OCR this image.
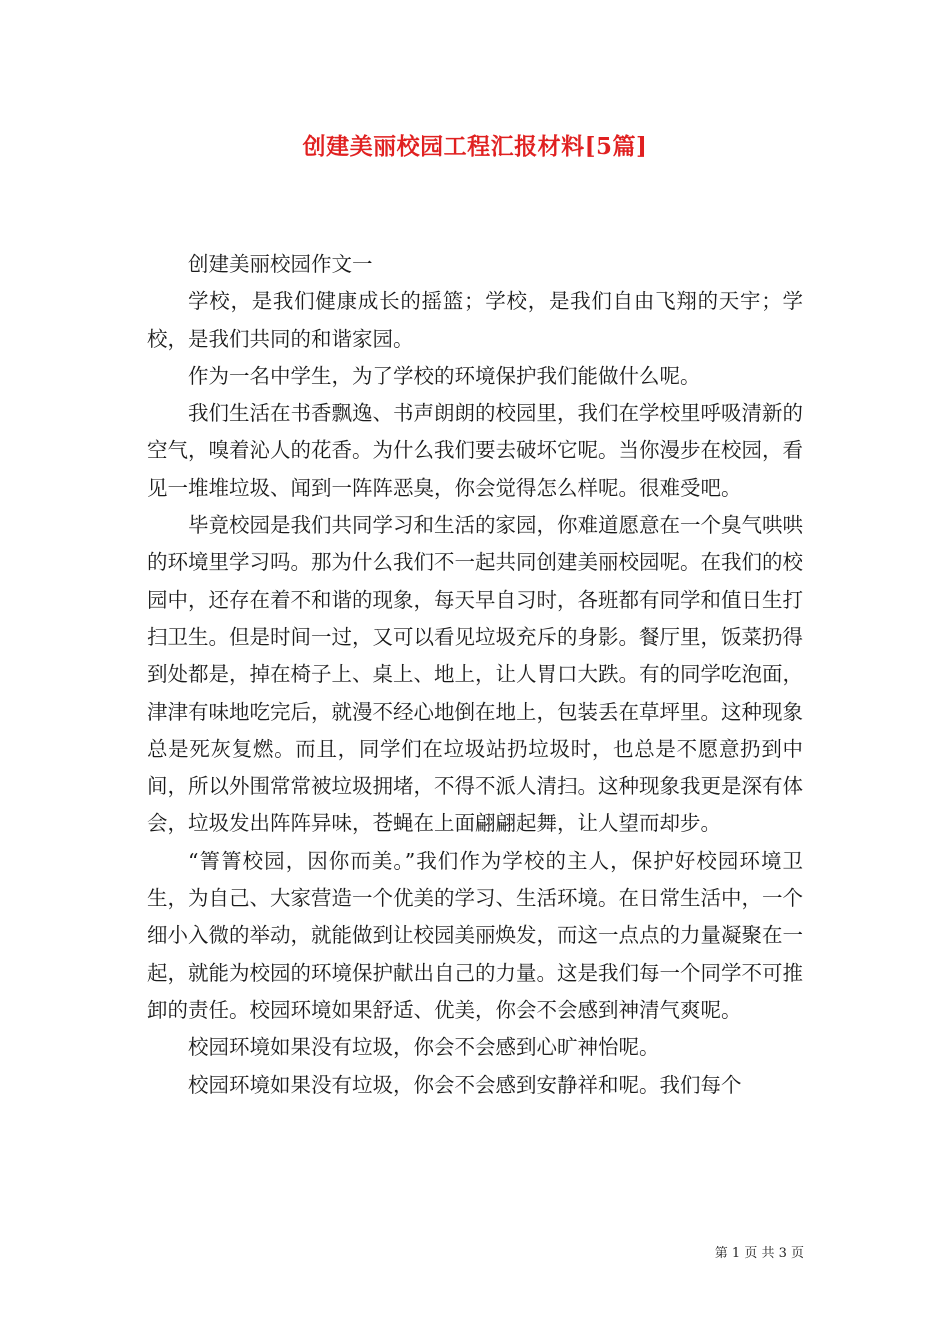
创建美丽校园工程汇报材料[5篇]

创建美丽校园作文一

学校，是我们健康成长的摇篮；学校，是我们自由飞翔的天宇；学校，是我们共同的和谐家园。

作为一名中学生，为了学校的环境保护我们能做什么呢。

我们生活在书香飘逸、书声朗朗的校园里，我们在学校里呼吸清新的空气，嗅着沁人的花香。为什么我们要去破坏它呢。当你漫步在校园，看见一堆堆垃圾、闻到一阵阵恶臭，你会觉得怎么样呢。很难受吧。

毕竟校园是我们共同学习和生活的家园，你难道愿意在一个臭气哄哄的环境里学习吗。那为什么我们不一起共同创建美丽校园呢。在我们的校园中，还存在着不和谐的现象，每天早自习时，各班都有同学和值日生打扫卫生。但是时间一过，又可以看见垃圾充斥的身影。餐厅里，饭菜扔得到处都是，掉在椅子上、桌上、地上，让人胃口大跌。有的同学吃泡面，津津有味地吃完后，就漫不经心地倒在地上，包装丢在草坪里。这种现象总是死灰复燃。而且，同学们在垃圾站扔垃圾时，也总是不愿意扔到中间，所以外围常常被垃圾拥堵，不得不派人清扫。这种现象我更是深有体会，垃圾发出阵阵异味，苍蝇在上面翩翩起舞，让人望而却步。

“箐箐校园，因你而美。”我们作为学校的主人，保护好校园环境卫生，为自己、大家营造一个优美的学习、生活环境。在日常生活中，一个细小入微的举动，就能做到让校园美丽焕发，而这一点点的力量凝聚在一起，就能为校园的环境保护献出自己的力量。这是我们每一个同学不可推卸的责任。校园环境如果舒适、优美，你会不会感到神清气爽呢。

校园环境如果没有垃圾，你会不会感到心旷神怡呢。

校园环境如果没有垃圾，你会不会感到安静祥和呢。我们每个

第 1 页 共 3 页
